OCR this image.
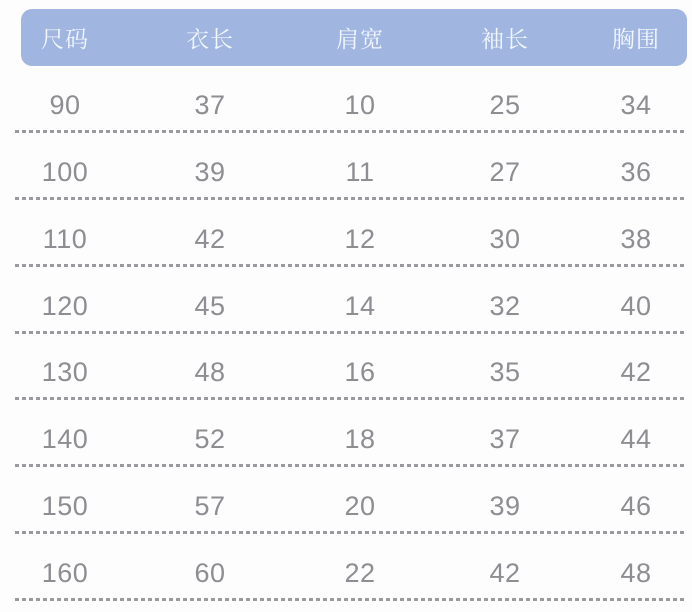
尺码	衣长	肩宽	袖长	胸围
90	37	10	25	34
100	39	11	27	36
110	42	12	30	38
120	45	14	32	40
130	48	16	35	42
140	52	18	37	44
150	57	20	39	46
160	60	22	42	48
